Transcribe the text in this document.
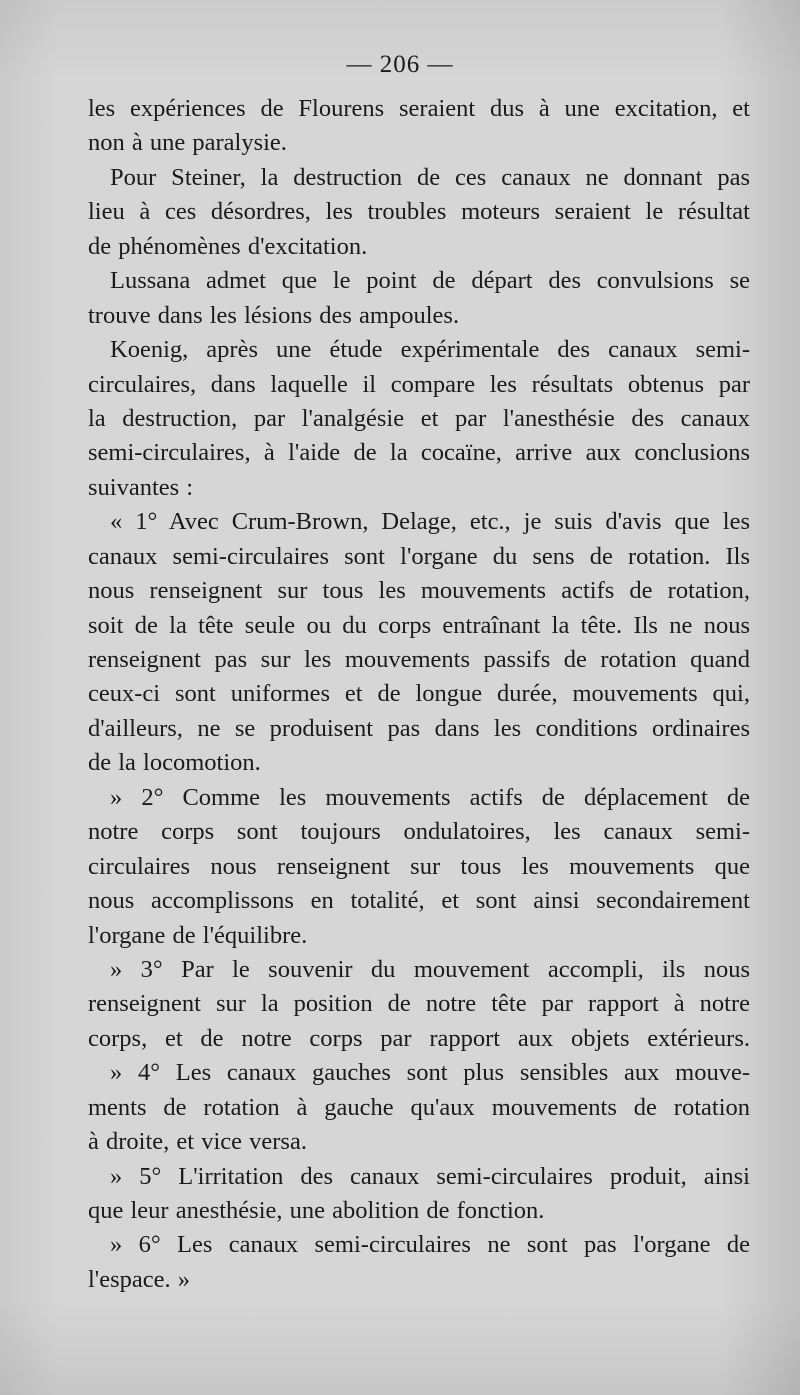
— 206 —
les expériences de Flourens seraient dus à une excitation, et
non à une paralysie.
Pour Steiner, la destruction de ces canaux ne donnant pas
lieu à ces désordres, les troubles moteurs seraient le résultat
de phénomènes d'excitation.
Lussana admet que le point de départ des convulsions se
trouve dans les lésions des ampoules.
Koenig, après une étude expérimentale des canaux semi-
circulaires, dans laquelle il compare les résultats obtenus par
la destruction, par l'analgésie et par l'anesthésie des canaux
semi-circulaires, à l'aide de la cocaïne, arrive aux conclusions
suivantes :
« 1° Avec Crum-Brown, Delage, etc., je suis d'avis que les
canaux semi-circulaires sont l'organe du sens de rotation. Ils
nous renseignent sur tous les mouvements actifs de rotation,
soit de la tête seule ou du corps entraînant la tête. Ils ne nous
renseignent pas sur les mouvements passifs de rotation quand
ceux-ci sont uniformes et de longue durée, mouvements qui,
d'ailleurs, ne se produisent pas dans les conditions ordinaires
de la locomotion.
» 2° Comme les mouvements actifs de déplacement de
notre corps sont toujours ondulatoires, les canaux semi-
circulaires nous renseignent sur tous les mouvements que
nous accomplissons en totalité, et sont ainsi secondairement
l'organe de l'équilibre.
» 3° Par le souvenir du mouvement accompli, ils nous
renseignent sur la position de notre tête par rapport à notre
corps, et de notre corps par rapport aux objets extérieurs.
» 4° Les canaux gauches sont plus sensibles aux mouve-
ments de rotation à gauche qu'aux mouvements de rotation
à droite, et vice versa.
» 5° L'irritation des canaux semi-circulaires produit, ainsi
que leur anesthésie, une abolition de fonction.
» 6° Les canaux semi-circulaires ne sont pas l'organe de
l'espace. »
